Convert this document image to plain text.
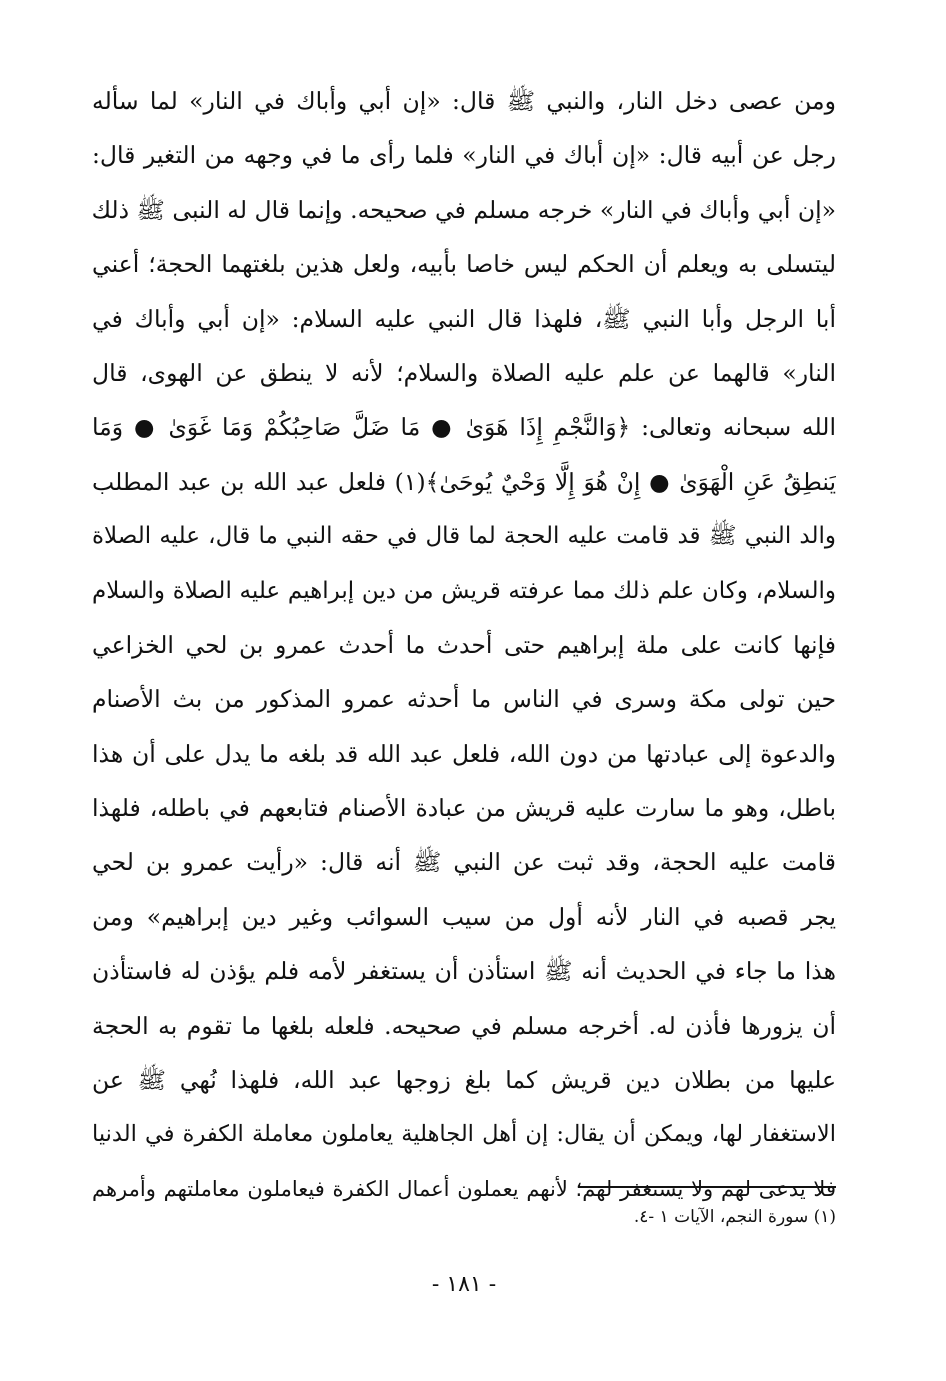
ومن عصى دخل النار، والنبي ﷺ قال: «إن أبي وأباك في النار» لما سأله
رجل عن أبيه قال: «إن أباك في النار» فلما رأى ما في وجهه من التغير قال:
«إن أبي وأباك في النار» خرجه مسلم في صحيحه. وإنما قال له النبى ﷺ ذلك
ليتسلى به ويعلم أن الحكم ليس خاصا بأبيه، ولعل هذين بلغتهما الحجة؛ أعني
أبا الرجل وأبا النبي ﷺ، فلهذا قال النبي عليه السلام: «إن أبي وأباك في
النار» قالهما عن علم عليه الصلاة والسلام؛ لأنه لا ينطق عن الهوى، قال
الله سبحانه وتعالى: ﴿وَالنَّجْمِ إِذَا هَوَىٰ ● مَا ضَلَّ صَاحِبُكُمْ وَمَا غَوَىٰ ● وَمَا
يَنطِقُ عَنِ الْهَوَىٰ ● إِنْ هُوَ إِلَّا وَحْيٌ يُوحَىٰ﴾(١) فلعل عبد الله بن عبد المطلب
والد النبي ﷺ قد قامت عليه الحجة لما قال في حقه النبي ما قال، عليه الصلاة
والسلام، وكان علم ذلك مما عرفته قريش من دين إبراهيم عليه الصلاة والسلام
فإنها كانت على ملة إبراهيم حتى أحدث ما أحدث عمرو بن لحي الخزاعي
حين تولى مكة وسرى في الناس ما أحدثه عمرو المذكور من بث الأصنام
والدعوة إلى عبادتها من دون الله، فلعل عبد الله قد بلغه ما يدل على أن هذا
باطل، وهو ما سارت عليه قريش من عبادة الأصنام فتابعهم في باطله، فلهذا
قامت عليه الحجة، وقد ثبت عن النبي ﷺ أنه قال: «رأيت عمرو بن لحي
يجر قصبه في النار لأنه أول من سيب السوائب وغير دين إبراهيم» ومن
هذا ما جاء في الحديث أنه ﷺ استأذن أن يستغفر لأمه فلم يؤذن له فاستأذن
أن يزورها فأذن له. أخرجه مسلم في صحيحه. فلعله بلغها ما تقوم به الحجة
عليها من بطلان دين قريش كما بلغ زوجها عبد الله، فلهذا نُهي ﷺ عن
الاستغفار لها، ويمكن أن يقال: إن أهل الجاهلية يعاملون معاملة الكفرة في الدنيا
فلا يدعى لهم ولا يستغفر لهم؛ لأنهم يعملون أعمال الكفرة فيعاملون معاملتهم وأمرهم
(١) سورة النجم، الآيات ١ -٤.
- ١٨١ -
